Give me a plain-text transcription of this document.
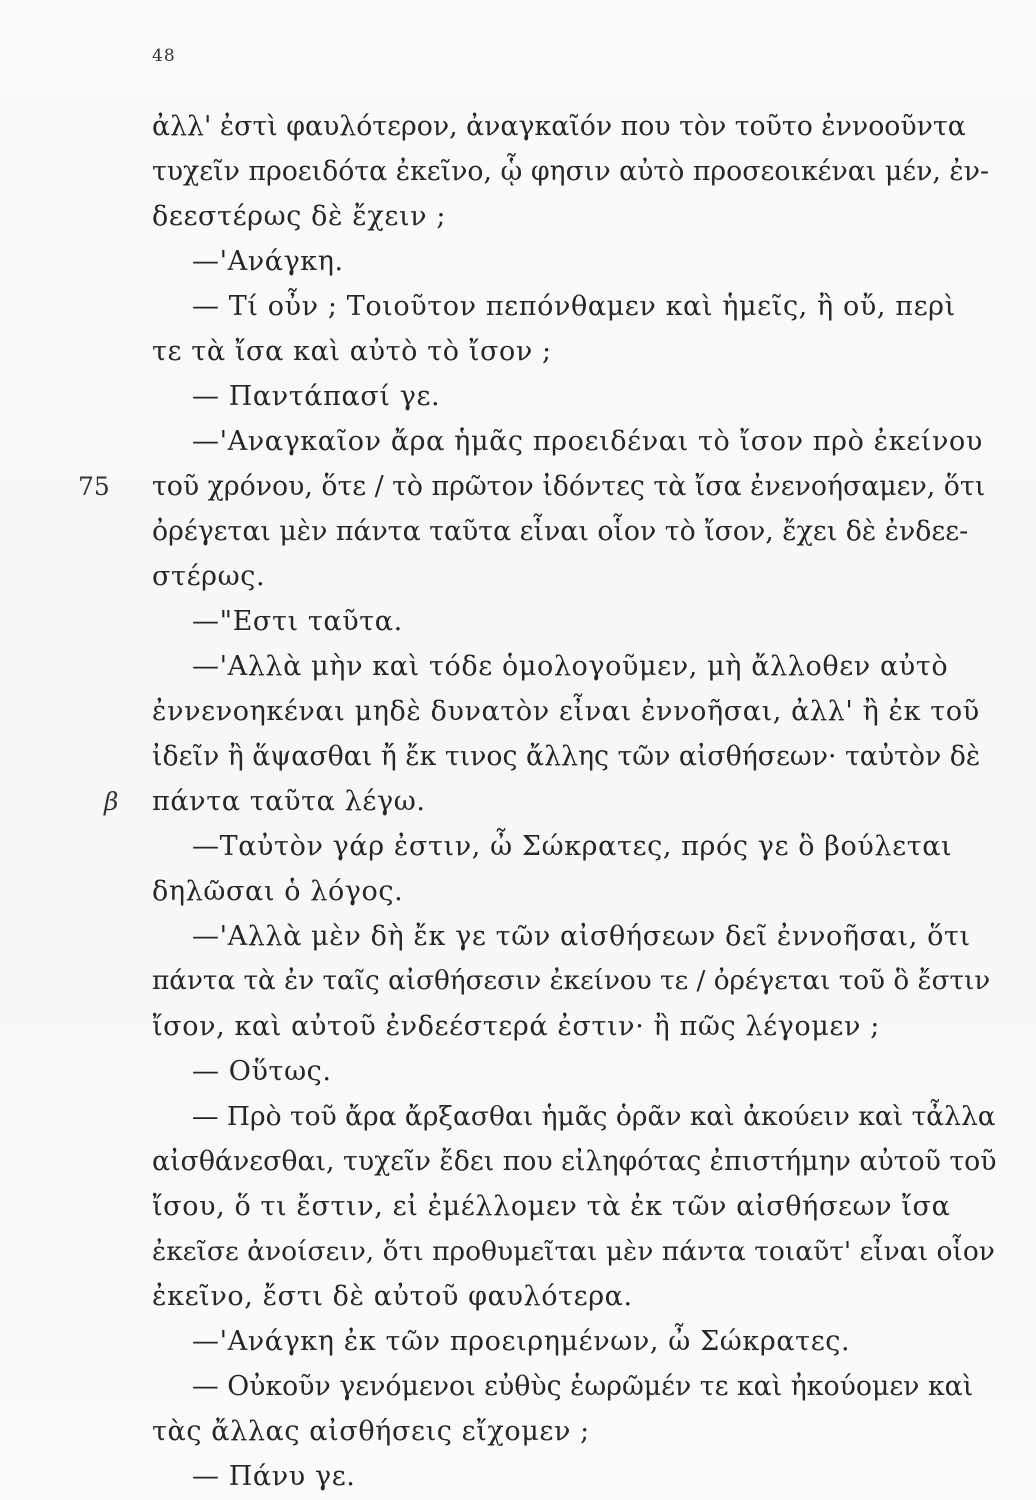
48
ἀλλ' ἐστὶ φαυλότερον, ἀναγκαῖόν που τὸν τοῦτο ἐννοοῦντα
τυχεῖν προειδότα ἐκεῖνο, ᾧ φησιν αὐτὸ προσεοικέναι μέν, ἐν-
δεεστέρως δὲ ἔχειν ;
—'Ανάγκη.
— Τί οὖν ; Τοιοῦτον πεπόνθαμεν καὶ ἡμεῖς, ἢ οὔ, περὶ
τε τὰ ἴσα καὶ αὐτὸ τὸ ἴσον ;
— Παντάπασί γε.
—'Αναγκαῖον ἄρα ἡμᾶς προειδέναι τὸ ἴσον πρὸ ἐκείνου
75	τοῦ χρόνου, ὅτε / τὸ πρῶτον ἰδόντες τὰ ἴσα ἐνενοήσαμεν, ὅτι
ὀρέγεται μὲν πάντα ταῦτα εἶναι οἷον τὸ ἴσον, ἔχει δὲ ἐνδεε-
στέρως.
—"Εστι ταῦτα.
—'Αλλὰ μὴν καὶ τόδε ὁμολογοῦμεν, μὴ ἄλλοθεν αὐτὸ
ἐννενοηκέναι μηδὲ δυνατὸν εἶναι ἐννοῆσαι, ἀλλ' ἢ ἐκ τοῦ
ἰδεῖν ἢ ἅψασθαι ἤ ἔκ τινος ἄλλης τῶν αἰσθήσεων· ταὐτὸν δὲ
β	πάντα ταῦτα λέγω.
—Ταὐτὸν γάρ ἐστιν, ὦ Σώκρατες, πρός γε ὃ βούλεται
δηλῶσαι ὁ λόγος.
—'Αλλὰ μὲν δὴ ἔκ γε τῶν αἰσθήσεων δεῖ ἐννοῆσαι, ὅτι
πάντα τὰ ἐν ταῖς αἰσθήσεσιν ἐκείνου τε / ὀρέγεται τοῦ ὃ ἔστιν
ἴσον, καὶ αὐτοῦ ἐνδεέστερά ἐστιν· ἢ πῶς λέγομεν ;
— Οὕτως.
— Πρὸ τοῦ ἄρα ἄρξασθαι ἡμᾶς ὁρᾶν καὶ ἀκούειν καὶ τἆλλα
αἰσθάνεσθαι, τυχεῖν ἔδει που εἰληφότας ἐπιστήμην αὐτοῦ τοῦ
ἴσου, ὅ τι ἔστιν, εἰ ἐμέλλομεν τὰ ἐκ τῶν αἰσθήσεων ἴσα
ἐκεῖσε ἀνοίσειν, ὅτι προθυμεῖται μὲν πάντα τοιαῦτ' εἶναι οἷον
ἐκεῖνο, ἔστι δὲ αὐτοῦ φαυλότερα.
—'Ανάγκη ἐκ τῶν προειρημένων, ὦ Σώκρατες.
— Οὐκοῦν γενόμενοι εὐθὺς ἑωρῶμέν τε καὶ ἠκούομεν καὶ
τὰς ἄλλας αἰσθήσεις εἴχομεν ;
— Πάνυ γε.
